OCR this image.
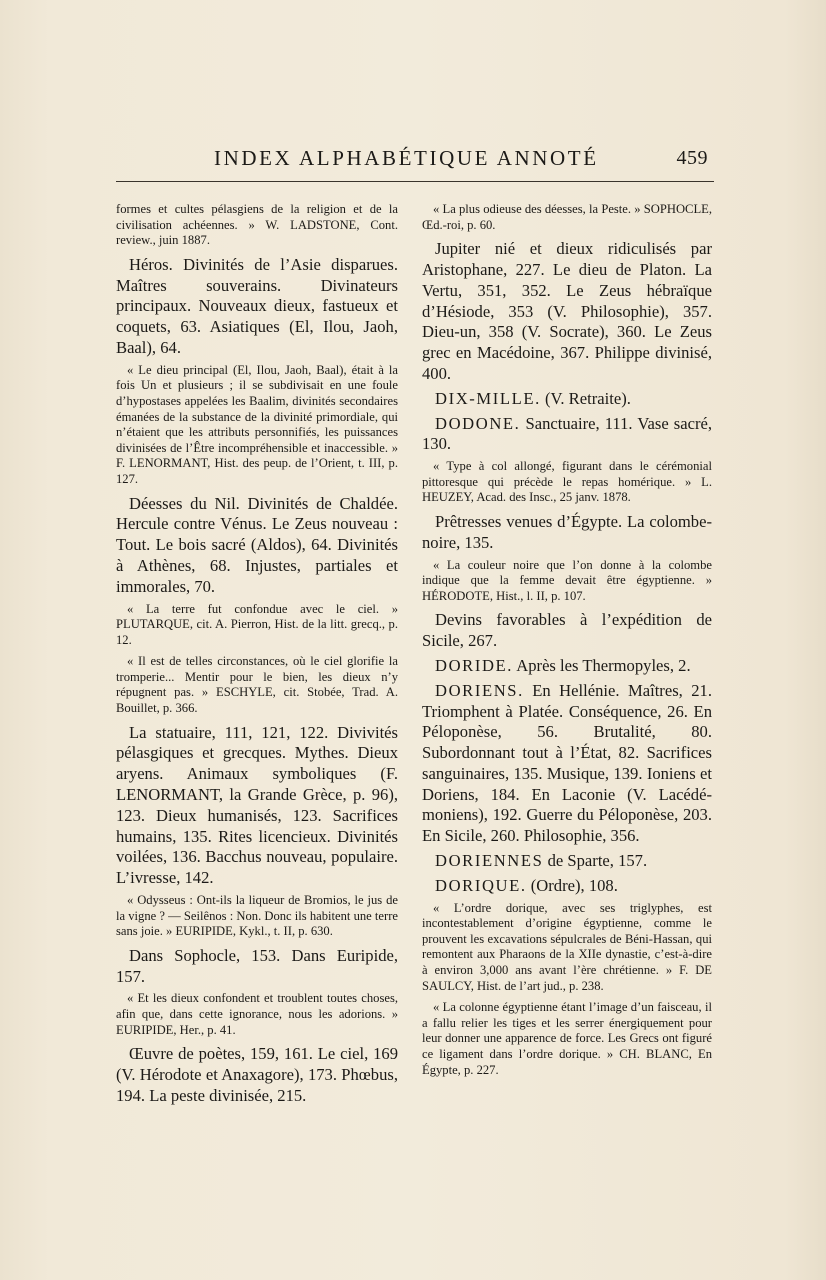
INDEX ALPHABÉTIQUE ANNOTÉ	459

formes et cultes pélasgiens de la religion et de la civilisation achéennes. » W. LADSTONE, Cont. review., juin 1887.

Héros. Divinités de l’Asie disparues. Maîtres souverains. Divinateurs principaux. Nouveaux dieux, fastueux et coquets, 63. Asiatiques (El, Ilou, Jaoh, Baal), 64.

« Le dieu principal (El, Ilou, Jaoh, Baal), était à la fois Un et plusieurs ; il se subdivisait en une foule d’hypostases appelées les Baalim, divinités secondaires émanées de la substance de la divinité primordiale, qui n’étaient que les attributs personnifiés, les puissances divinisées de l’Être incompréhensible et inaccessible. » F. LENORMANT, Hist. des peup. de l’Orient, t. III, p. 127.

Déesses du Nil. Divinités de Chaldée. Hercule contre Vénus. Le Zeus nouveau : Tout. Le bois sacré (Aldos), 64. Divinités à Athènes, 68. Injustes, partiales et immorales, 70.

« La terre fut confondue avec le ciel. » PLUTARQUE, cit. A. Pierron, Hist. de la litt. grecq., p. 12.

« Il est de telles circonstances, où le ciel glorifie la tromperie... Mentir pour le bien, les dieux n’y répugnent pas. » ESCHYLE, cit. Stobée, Trad. A. Bouillet, p. 366.

La statuaire, 111, 121, 122. Divivités pélasgiques et grecques. Mythes. Dieux aryens. Animaux symboliques (F. LENORMANT, la Grande Grèce, p. 96), 123. Dieux humanisés, 123. Sacrifices humains, 135. Rites licencieux. Divinités voilées, 136. Bacchus nouveau, populaire. L’ivresse, 142.

« Odysseus : Ont-ils la liqueur de Bromios, le jus de la vigne ? — Seilênos : Non. Donc ils habitent une terre sans joie. » EURIPIDE, Kykl., t. II, p. 630.

Dans Sophocle, 153. Dans Euripide, 157.

« Et les dieux confondent et troublent toutes choses, afin que, dans cette ignorance, nous les adorions. » EURIPIDE, Her., p. 41.

Œuvre de poètes, 159, 161. Le ciel, 169 (V. Hérodote et Anaxagore), 173. Phœbus, 194. La peste divinisée, 215.

« La plus odieuse des déesses, la Peste. » SOPHOCLE, Œd.-roi, p. 60.

Jupiter nié et dieux ridiculisés par Aristophane, 227. Le dieu de Platon. La Vertu, 351, 352. Le Zeus hébraïque d’Hésiode, 353 (V. Philosophie), 357. Dieu-un, 358 (V. Socrate), 360. Le Zeus grec en Macédoine, 367. Philippe divinisé, 400.

DIX-MILLE. (V. Retraite).

DODONE. Sanctuaire, 111. Vase sacré, 130.

« Type à col allongé, figurant dans le cérémonial pittoresque qui précède le repas homérique. » L. HEUZEY, Acad. des Insc., 25 janv. 1878.

Prêtresses venues d’Égypte. La colombe-noire, 135.

« La couleur noire que l’on donne à la colombe indique que la femme devait être égyptienne. » HÉRODOTE, Hist., l. II, p. 107.

Devins favorables à l’expédition de Sicile, 267.

DORIDE. Après les Thermopyles, 2.

DORIENS. En Hellénie. Maîtres, 21. Triomphent à Platée. Conséquence, 26. En Péloponèse, 56. Brutalité, 80. Subordonnant tout à l’État, 82. Sacrifices sanguinaires, 135. Musique, 139. Ioniens et Doriens, 184. En Laconie (V. Lacédémoniens), 192. Guerre du Péloponèse, 203. En Sicile, 260. Philosophie, 356.

DORIENNES de Sparte, 157.

DORIQUE. (Ordre), 108.

« L’ordre dorique, avec ses triglyphes, est incontestablement d’origine égyptienne, comme le prouvent les excavations sépulcrales de Béni-Hassan, qui remontent aux Pharaons de la XIIe dynastie, c’est-à-dire à environ 3,000 ans avant l’ère chrétienne. » F. DE SAULCY, Hist. de l’art jud., p. 238.

« La colonne égyptienne étant l’image d’un faisceau, il a fallu relier les tiges et les serrer énergiquement pour leur donner une apparence de force. Les Grecs ont figuré ce ligament dans l’ordre dorique. » CH. BLANC, En Égypte, p. 227.
